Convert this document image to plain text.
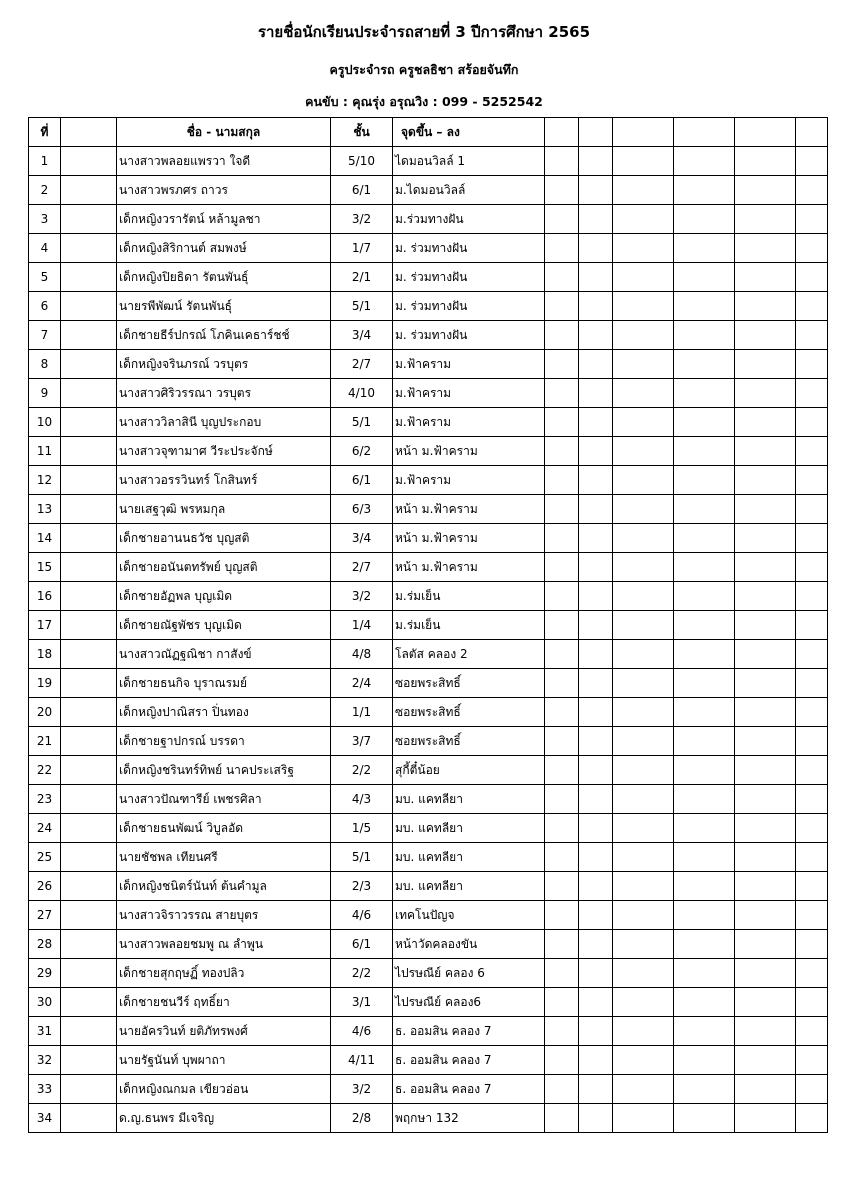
รายชื่อนักเรียนประจำรถสายที่ 3 ปีการศึกษา 2565
ครูประจำรถ ครูชลธิชา สร้อยจันทึก
คนขับ : คุณรุ่ง อรุณวิง : 099 - 5252542
ที่		ชื่อ - นามสกุล	ชั้น	จุดขึ้น – ลง						
1		นางสาวพลอยแพรวา ใจดี	5/10	ไดมอนวิลล์ 1						
2		นางสาวพรภศร ถาวร	6/1	ม.ไดมอนวิลล์						
3		เด็กหญิงวรารัตน์ หล้ามูลชา	3/2	ม.ร่วมทางฝัน						
4		เด็กหญิงสิริกานต์ สมพงษ์	1/7	ม. ร่วมทางฝัน						
5		เด็กหญิงปิยธิดา รัตนพันธุ์	2/1	ม. ร่วมทางฝัน						
6		นายรพีพัฒน์ รัตนพันธุ์	5/1	ม. ร่วมทางฝัน						
7		เด็กชายธีร์ปกรณ์ โภคินเคธาร์ชช์	3/4	ม. ร่วมทางฝัน						
8		เด็กหญิงจรินภรณ์ วรบุตร	2/7	ม.ฟ้าคราม						
9		นางสาวศิริวรรณา วรบุตร	4/10	ม.ฟ้าคราม						
10		นางสาววิลาสินี บุญประกอบ	5/1	ม.ฟ้าคราม						
11		นางสาวจุฑามาศ วีระประจักษ์	6/2	หน้า ม.ฟ้าคราม						
12		นางสาวอรรวินทร์ โกสินทร์	6/1	ม.ฟ้าคราม						
13		นายเสฐวุฒิ พรหมกุล	6/3	หน้า ม.ฟ้าคราม						
14		เด็กชายอานนธวัช บุญสติ	3/4	หน้า ม.ฟ้าคราม						
15		เด็กชายอนันตทรัพย์ บุญสติ	2/7	หน้า ม.ฟ้าคราม						
16		เด็กชายอัฏพล บุญเมิด	3/2	ม.ร่มเย็น						
17		เด็กชายณัฐพัชร บุญเมิด	1/4	ม.ร่มเย็น						
18		นางสาวณัฏฐณิชา กาสังข์	4/8	โลตัส คลอง 2						
19		เด็กชายธนกิจ บุราณรมย์	2/4	ซอยพระสิทธิ์						
20		เด็กหญิงปาณิสรา ปิ่นทอง	1/1	ซอยพระสิทธิ์						
21		เด็กชายฐาปกรณ์ บรรดา	3/7	ซอยพระสิทธิ์						
22		เด็กหญิงชรินทร์ทิพย์ นาคประเสริฐ	2/2	สุกี้ตี๋น้อย						
23		นางสาวปัณฑารีย์ เพชรศิลา	4/3	มบ. แคทลียา						
24		เด็กชายธนพัฒน์ วิบูลอัด	1/5	มบ. แคทลียา						
25		นายชัชพล เทียนศรี	5/1	มบ. แคทลียา						
26		เด็กหญิงชนิตร์นันท์ ต้นคำมูล	2/3	มบ. แคทลียา						
27		นางสาวจิราวรรณ สายบุตร	4/6	เทคโนปัญจ						
28		นางสาวพลอยชมพู ณ ลำพูน	6/1	หน้าวัดคลองขัน						
29		เด็กชายสุกฤษฏิ์ ทองปลิว	2/2	ไปรษณีย์ คลอง 6						
30		เด็กชายชนวีร์ ฤทธิ์ยา	3/1	ไปรษณีย์ คลอง6						
31		นายอัครวินท์ ยติภัทรพงศ์	4/6	ธ. ออมสิน คลอง 7						
32		นายรัฐนันท์ บุพผาถา	4/11	ธ. ออมสิน คลอง 7						
33		เด็กหญิงณกมล เขียวอ่อน	3/2	ธ. ออมสิน คลอง 7						
34		ด.ญ.ธนพร มีเจริญ	2/8	พฤกษา 132						
